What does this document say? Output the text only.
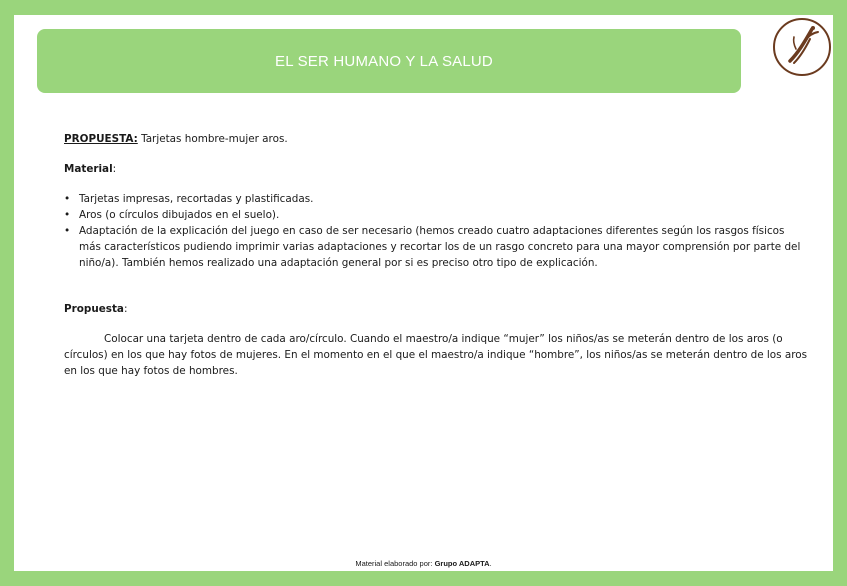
EL SER HUMANO Y LA SALUD

PROPUESTA: Tarjetas hombre-mujer aros.

Material:

• Tarjetas impresas, recortadas y plastificadas.
• Aros (o círculos dibujados en el suelo).
• Adaptación de la explicación del juego en caso de ser necesario (hemos creado cuatro adaptaciones diferentes según los rasgos físicos más característicos pudiendo imprimir varias adaptaciones y recortar los de un rasgo concreto para una mayor comprensión por parte del niño/a). También hemos realizado una adaptación general por si es preciso otro tipo de explicación.

Propuesta:

Colocar una tarjeta dentro de cada aro/círculo. Cuando el maestro/a indique “mujer” los niños/as se meterán dentro de los aros (o círculos) en los que hay fotos de mujeres. En el momento en el que el maestro/a indique “hombre”, los niños/as se meterán dentro de los aros en los que hay fotos de hombres.

Material elaborado por: Grupo ADAPTA.
